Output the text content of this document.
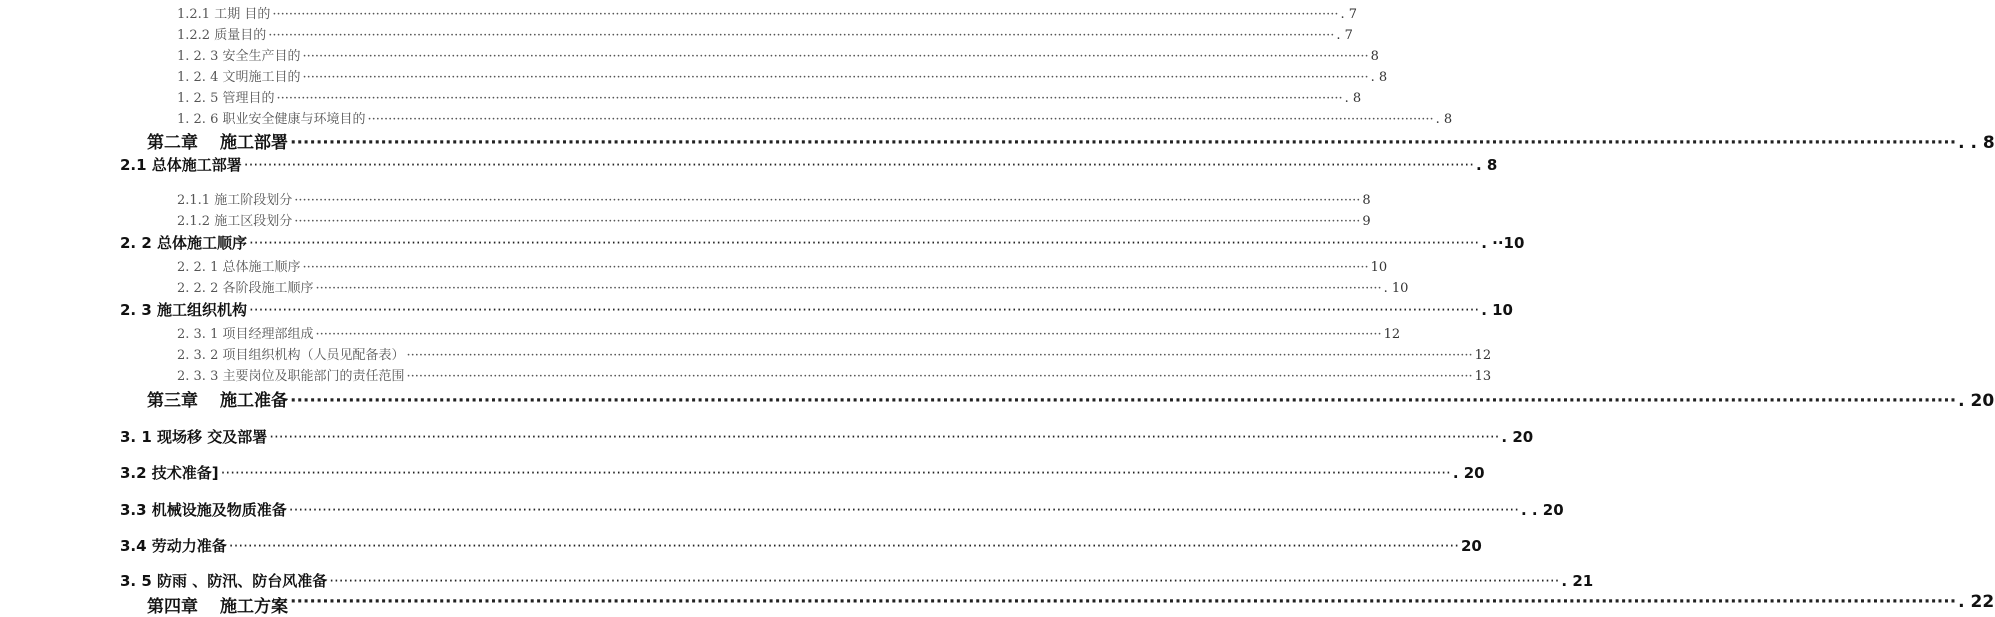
1.2.1 工期 目的 ·····	. 7
1.2.2 质量目的 ·····	. 7
1. 2. 3 安全生产目的 ·····	8
1. 2. 4 文明施工目的 ·····	. 8
1. 2. 5 管理目的 ·····	. 8
1. 2. 6 职业安全健康与环境目的 ·····	. 8
第二章 施工部署 ·····	. . 8
2.1 总体施工部署 ·····	. 8
2.1.1 施工阶段划分 ·····	8
2.1.2 施工区段划分 ·····	9
2. 2 总体施工顺序 ·····	. ··10
2. 2. 1 总体施工顺序 ·····	10
2. 2. 2 各阶段施工顺序 ·····	. 10
2. 3 施工组织机构 ·····	. 10
2. 3. 1 项目经理部组成 ·····	12
2. 3. 2 项目组织机构（人员见配备表） ·····	12
2. 3. 3 主要岗位及职能部门的责任范围 ·····	13
第三章 施工准备 ·····	. 20
3. 1 现场移 交及部署 ·····	. 20
3.2 技术准备] ·····	. 20
3.3 机械设施及物质准备 ·····	. . 20
3.4 劳动力准备 ·····	20
3. 5 防雨 、防汛、防台风准备 ·····	. 21
第四章 施工方案 ·····	. 22
